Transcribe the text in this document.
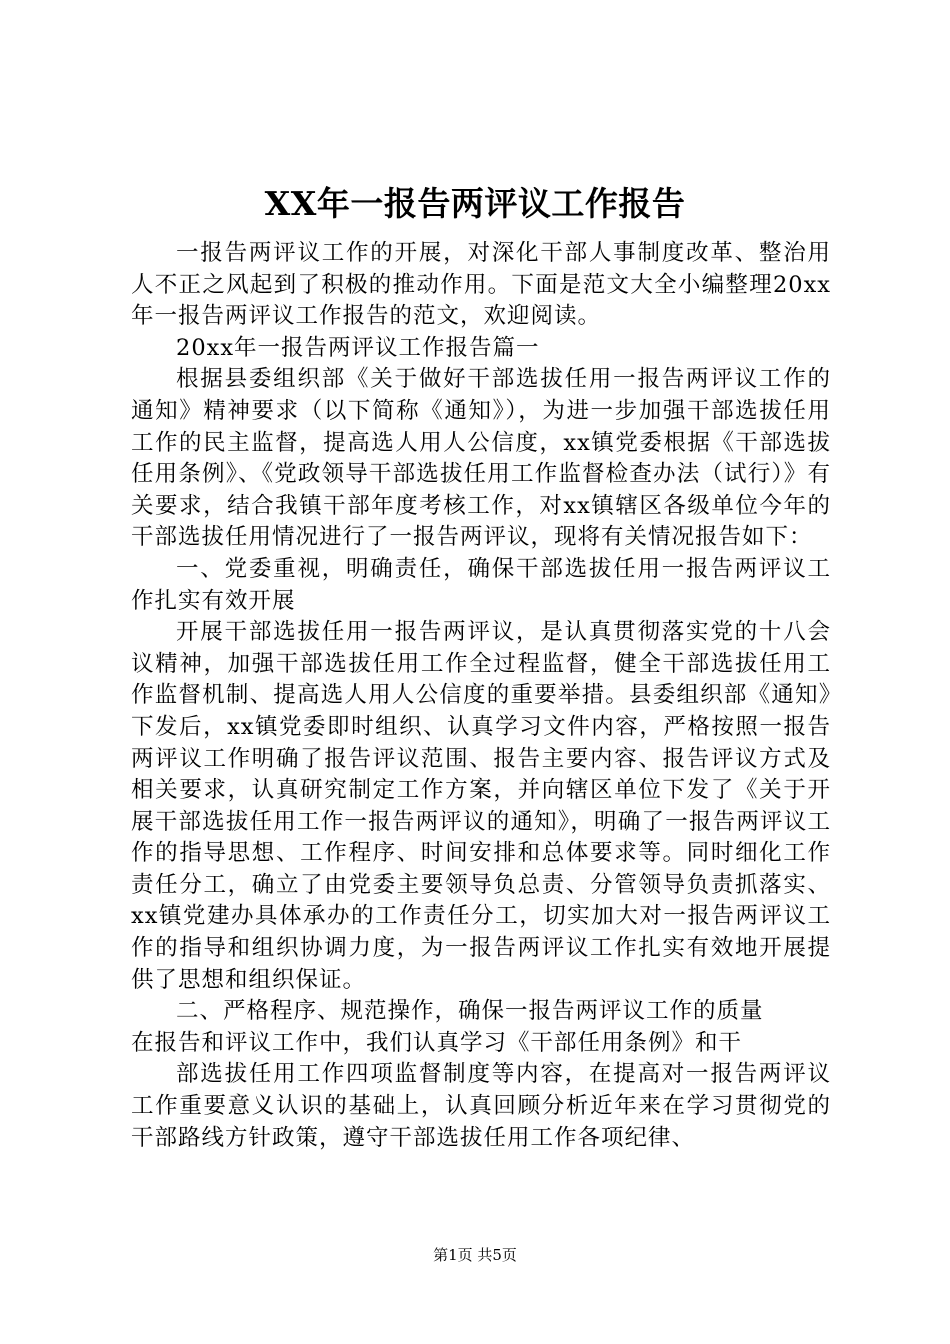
XX年一报告两评议工作报告

一报告两评议工作的开展，对深化干部人事制度改革、整治用人不正之风起到了积极的推动作用。下面是范文大全小编整理20xx年一报告两评议工作报告的范文，欢迎阅读。

20xx年一报告两评议工作报告篇一

根据县委组织部《关于做好干部选拔任用一报告两评议工作的通知》精神要求（以下简称《通知》），为进一步加强干部选拔任用工作的民主监督，提高选人用人公信度，xx镇党委根据《干部选拔任用条例》、《党政领导干部选拔任用工作监督检查办法（试行）》有关要求，结合我镇干部年度考核工作，对xx镇辖区各级单位今年的干部选拔任用情况进行了一报告两评议，现将有关情况报告如下：

一、党委重视，明确责任，确保干部选拔任用一报告两评议工作扎实有效开展

开展干部选拔任用一报告两评议，是认真贯彻落实党的十八会议精神，加强干部选拔任用工作全过程监督，健全干部选拔任用工作监督机制、提高选人用人公信度的重要举措。县委组织部《通知》下发后，xx镇党委即时组织、认真学习文件内容，严格按照一报告两评议工作明确了报告评议范围、报告主要内容、报告评议方式及相关要求，认真研究制定工作方案，并向辖区单位下发了《关于开展干部选拔任用工作一报告两评议的通知》，明确了一报告两评议工作的指导思想、工作程序、时间安排和总体要求等。同时细化工作责任分工，确立了由党委主要领导负总责、分管领导负责抓落实、xx镇党建办具体承办的工作责任分工，切实加大对一报告两评议工作的指导和组织协调力度，为一报告两评议工作扎实有效地开展提供了思想和组织保证。

二、严格程序、规范操作，确保一报告两评议工作的质量

在报告和评议工作中，我们认真学习《干部任用条例》和干

部选拔任用工作四项监督制度等内容，在提高对一报告两评议工作重要意义认识的基础上，认真回顾分析近年来在学习贯彻党的干部路线方针政策，遵守干部选拔任用工作各项纪律、

第1页 共5页
